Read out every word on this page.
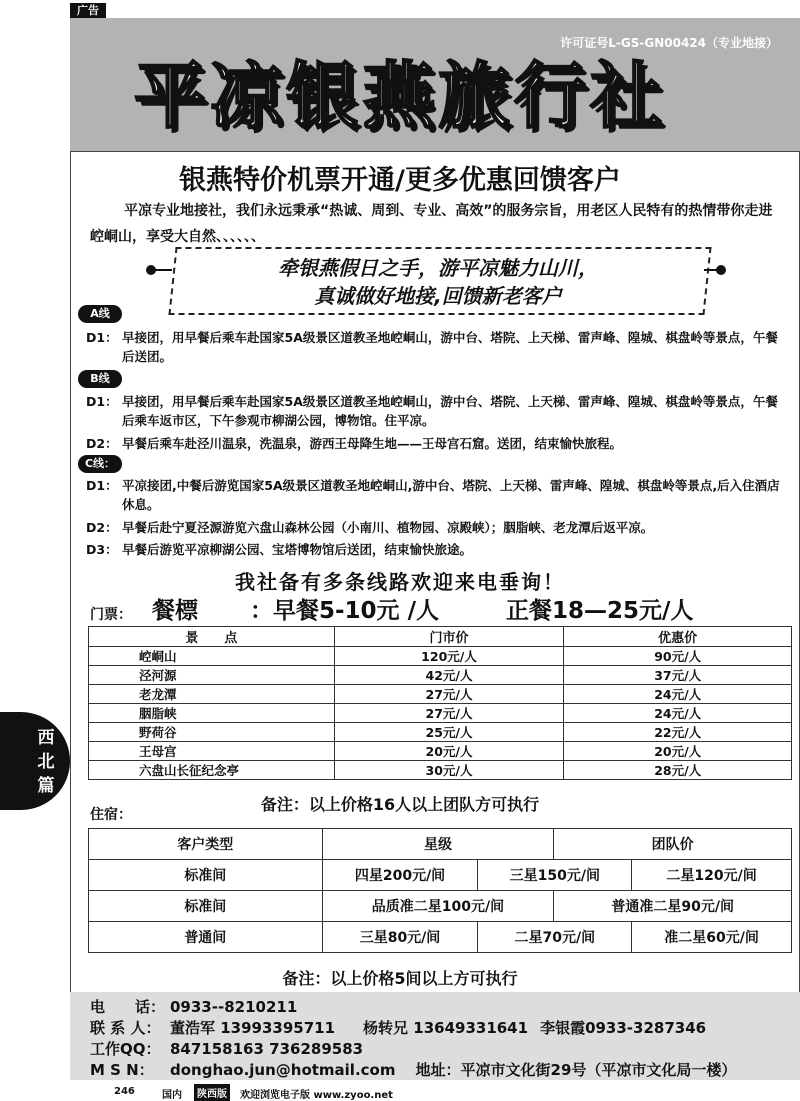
广告
许可证号L-GS-GN00424（专业地接）
平凉银燕旅行社
银燕特价机票开通/更多优惠回馈客户
平凉专业地接社，我们永远秉承“热诚、周到、专业、高效”的服务宗旨，用老区人民特有的热情带你走进崆峒山，享受大自然、、、、、、
牵银燕假日之手，游平凉魅力山川，
真诚做好地接,回馈新老客户
A线
D1： 早接团，用早餐后乘车赴国家5A级景区道教圣地崆峒山，游中台、塔院、上天梯、雷声峰、隍城、棋盘岭等景点，午餐后送团。
B线
D1： 早接团，用早餐后乘车赴国家5A级景区道教圣地崆峒山，游中台、塔院、上天梯、雷声峰、隍城、棋盘岭等景点，午餐后乘车返市区，下午参观市柳湖公园，博物馆。住平凉。
D2： 早餐后乘车赴泾川温泉，洗温泉，游西王母降生地——王母宫石窟。送团，结束愉快旅程。
C线：
D1： 平凉接团,中餐后游览国家5A级景区道教圣地崆峒山,游中台、塔院、上天梯、雷声峰、隍城、棋盘岭等景点,后入住酒店休息。
D2： 早餐后赴宁夏泾源游览六盘山森林公园（小南川、植物园、凉殿峡）；胭脂峡、老龙潭后返平凉。
D3： 早餐后游览平凉柳湖公园、宝塔博物馆后送团，结束愉快旅途。
我社备有多条线路欢迎来电垂询！
门票： 餐標 ：早餐5-10元 /人	正餐18—25元/人
景　　点	门市价	优惠价
崆峒山	120元/人	90元/人
泾河源	42元/人	37元/人
老龙潭	27元/人	24元/人
胭脂峡	27元/人	24元/人
野荷谷	25元/人	22元/人
王母宫	20元/人	20元/人
六盘山长征纪念亭	30元/人	28元/人
西
北
篇
备注：以上价格16人以上团队方可执行
住宿：
客户类型	星级		团队价	
标准间	四星200元/间	三星150元/间		二星120元/间
标准间	品质准二星100元/间		普通准二星90元/间	
普通间	三星80元/间	二星70元/间		准二星60元/间
备注：以上价格5间以上方可执行
电　　话： 0933--8210211
联 系 人： 董浩军 13993395711 杨转兄 13649331641 李银霞0933-3287346
工作QQ： 847158163 736289583
M S N： donghao.jun@hotmail.com 地址：平凉市文化街29号（平凉市文化局一楼）
246	国内	陕西版	欢迎浏览电子版 www.zyoo.net
